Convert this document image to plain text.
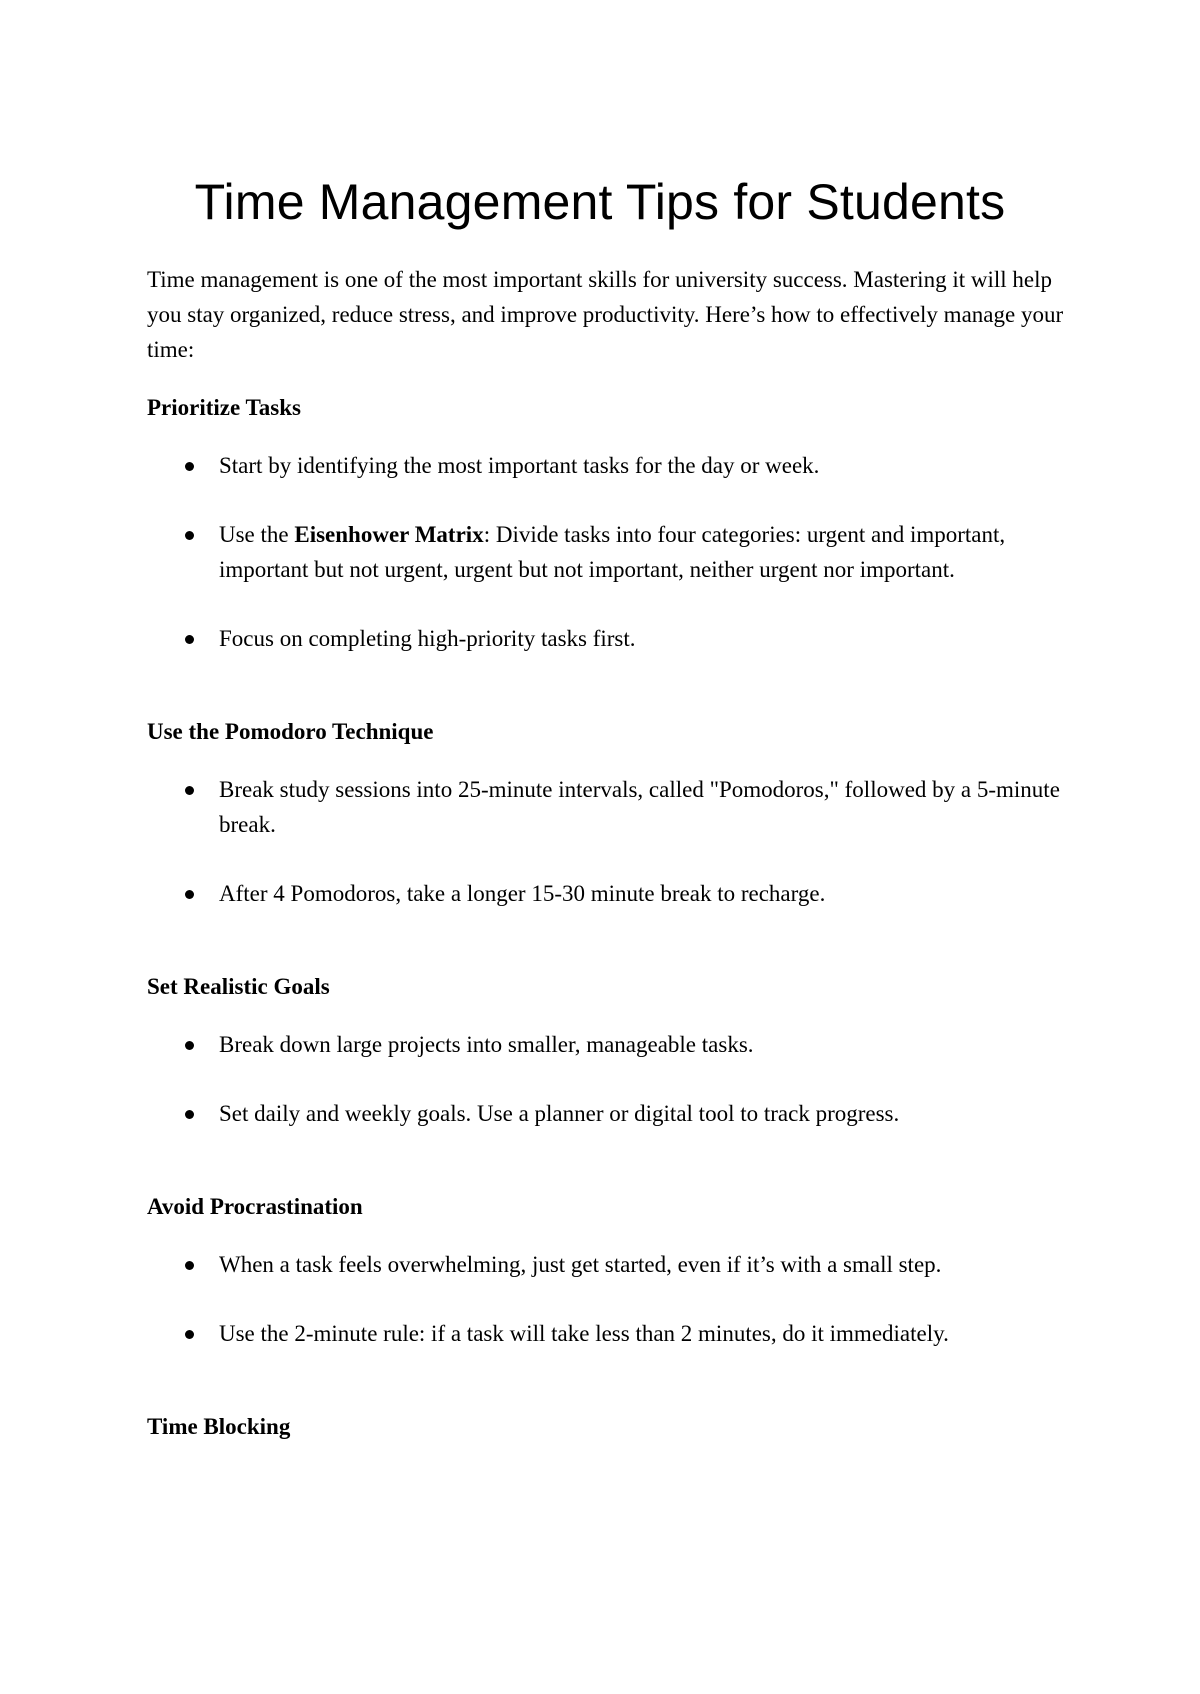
Time Management Tips for Students

Time management is one of the most important skills for university success. Mastering it will help you stay organized, reduce stress, and improve productivity. Here’s how to effectively manage your time:

Prioritize Tasks
Start by identifying the most important tasks for the day or week.
Use the Eisenhower Matrix: Divide tasks into four categories: urgent and important, important but not urgent, urgent but not important, neither urgent nor important.
Focus on completing high-priority tasks first.
Use the Pomodoro Technique
Break study sessions into 25-minute intervals, called "Pomodoros," followed by a 5-minute break.
After 4 Pomodoros, take a longer 15-30 minute break to recharge.
Set Realistic Goals
Break down large projects into smaller, manageable tasks.
Set daily and weekly goals. Use a planner or digital tool to track progress.
Avoid Procrastination
When a task feels overwhelming, just get started, even if it’s with a small step.
Use the 2-minute rule: if a task will take less than 2 minutes, do it immediately.
Time Blocking
